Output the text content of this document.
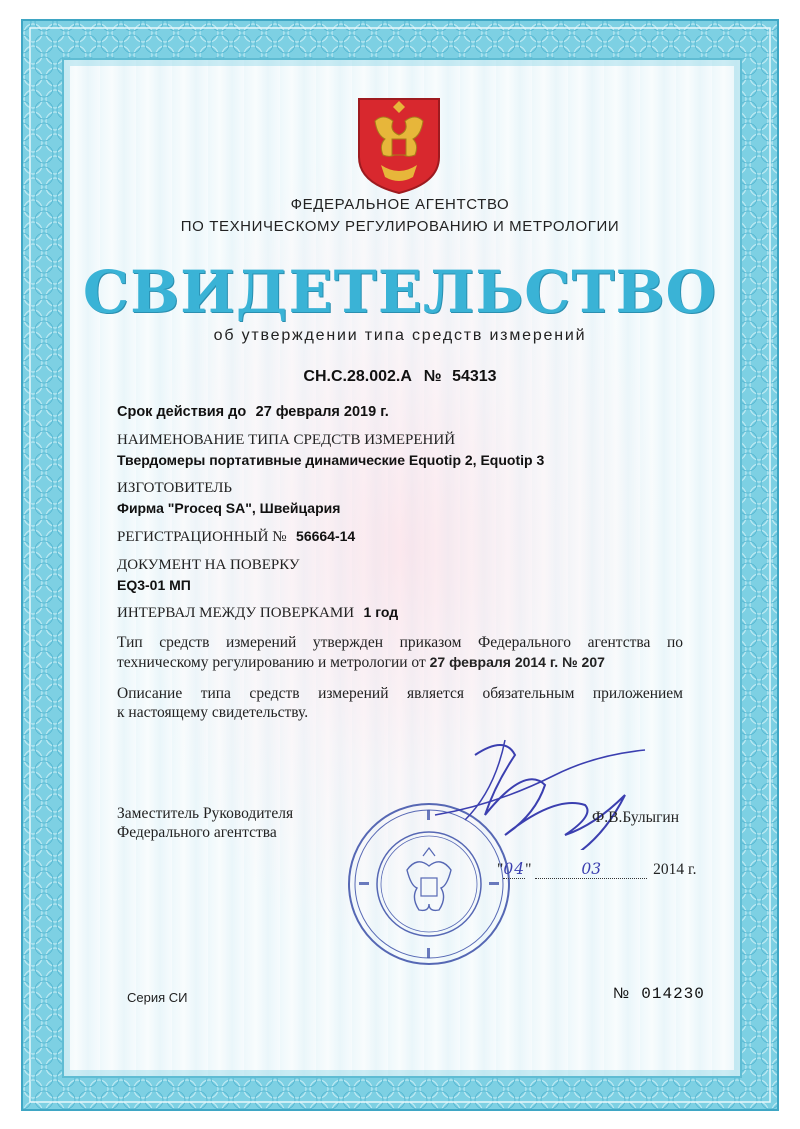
ФЕДЕРАЛЬНОЕ АГЕНТСТВО
ПО ТЕХНИЧЕСКОМУ РЕГУЛИРОВАНИЮ И МЕТРОЛОГИИ
СВИДЕТЕЛЬСТВО
об утверждении типа средств измерений
CH.C.28.002.A № 54313
Срок действия до 27 февраля 2019 г.
НАИМЕНОВАНИЕ ТИПА СРЕДСТВ ИЗМЕРЕНИЙ
Твердомеры портативные динамические Equotip 2, Equotip 3
ИЗГОТОВИТЕЛЬ
Фирма "Proceq SA", Швейцария
РЕГИСТРАЦИОННЫЙ № 56664-14
ДОКУМЕНТ НА ПОВЕРКУ
EQ3-01 МП
ИНТЕРВАЛ МЕЖДУ ПОВЕРКАМИ 1 год
Тип средств измерений утвержден приказом Федерального агентства по
техническому регулированию и метрологии от 27 февраля 2014 г. № 207
Описание типа средств измерений является обязательным приложением
к настоящему свидетельству.
Заместитель Руководителя
Федерального агентства
Ф.В.Булыгин
"04"	03	2014 г.
Серия СИ	№ 014230
